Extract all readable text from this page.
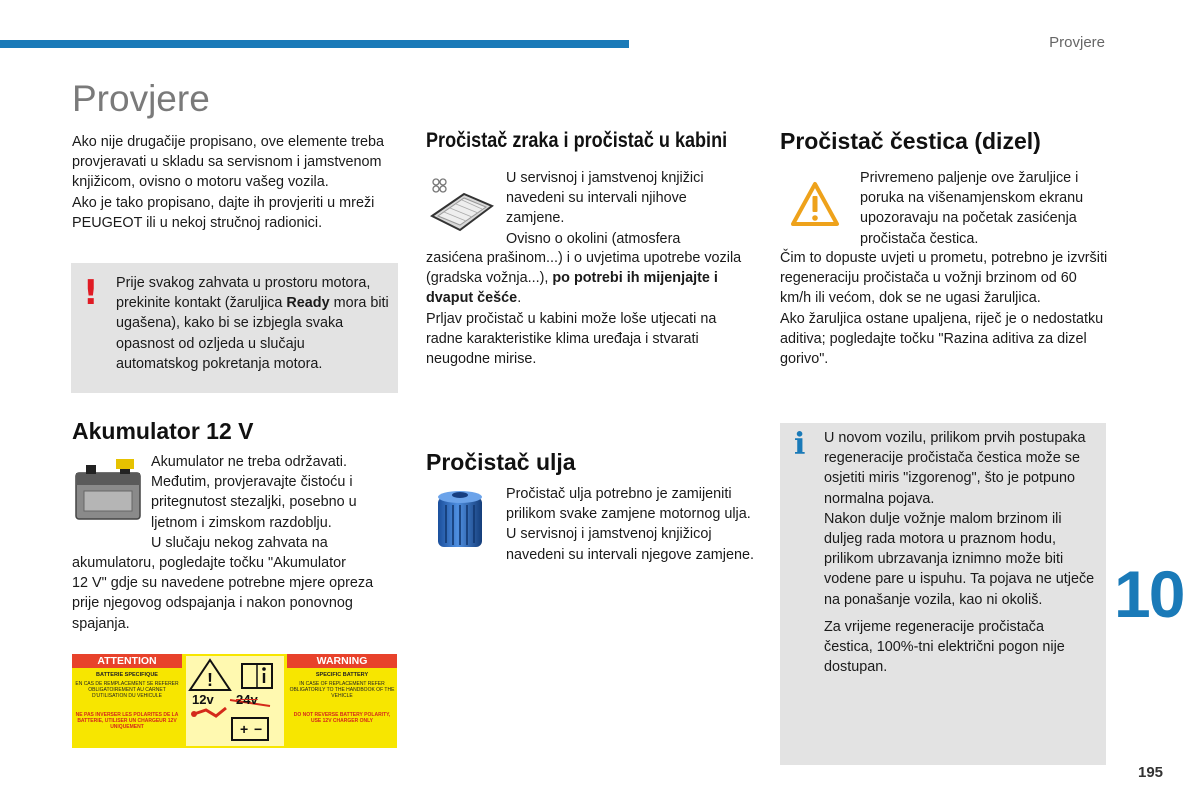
Provjere
Provjere

Ako nije drugačije propisano, ove elemente treba provjeravati u skladu sa servisnom i jamstvenom knjižicom, ovisno o motoru vašeg vozila.

Ako je tako propisano, dajte ih provjeriti u mreži PEUGEOT ili u nekoj stručnoj radionici.

! Prije svakog zahvata u prostoru motora, prekinite kontakt (žaruljica Ready mora biti ugašena), kako bi se izbjegla svaka opasnost od ozljeda u slučaju automatskog pokretanja motora.

Akumulator 12 V

Akumulator ne treba održavati.

Međutim, provjeravajte čistoću i

pritegnutost stezaljki, posebno u

ljetnom i zimskom razdoblju.

U slučaju nekog zahvata na

akumulatoru, pogledajte točku "Akumulator

12 V" gdje su navedene potrebne mjere opreza

prije njegovog odspajanja i nakon ponovnog

spajanja.

ATTENTION	WARNING
BATTERIE SPECIFIQUE	SPECIFIC BATTERY
EN CAS DE REMPLACEMENT SE REFERER OBLIGATOIREMENT AU CARNET D'UTILISATION DU VEHICULE
IN CASE OF REPLACEMENT REFER OBLIGATORILY TO THE HANDBOOK OF THE VEHICLE
NE PAS INVERSER LES POLARITES DE LA BATTERIE, UTILISER UN CHARGEUR 12V UNIQUEMENT
DO NOT REVERSE BATTERY POLARITY, USE 12V CHARGER ONLY
!
+ −
12v 24v
Pročistač zraka i pročistač u kabini

U servisnoj i jamstvenoj knjižici

navedeni su intervali njihove

zamjene.

Ovisno o okolini (atmosfera

zasićena prašinom...) i o uvjetima upotrebe vozila (gradska vožnja...), po potrebi ih mijenjajte i dvaput češće.

Prljav pročistač u kabini može loše utjecati na radne karakteristike klima uređaja i stvarati neugodne mirise.

Pročistač ulja

Pročistač ulja potrebno je zamijeniti prilikom svake zamjene motornog ulja.

U servisnoj i jamstvenoj knjižicoj navedeni su intervali njegove zamjene.

Pročistač čestica (dizel)

Privremeno paljenje ove žaruljice i

poruka na višenamjenskom ekranu

upozoravaju na početak zasićenja

pročistača čestica.

Čim to dopuste uvjeti u prometu, potrebno je izvršiti regeneraciju pročistača u vožnji brzinom od 60 km/h ili većom, dok se ne ugasi žaruljica.

Ako žaruljica ostane upaljena, riječ je o nedostatku aditiva; pogledajte točku "Razina aditiva za dizel gorivo".

i U novom vozilu, prilikom prvih postupaka regeneracije pročistača čestica može se osjetiti miris "izgorenog", što je potpuno normalna pojava.

Nakon dulje vožnje malom brzinom ili duljeg rada motora u praznom hodu, prilikom ubrzavanja iznimno može biti vodene pare u ispuhu. Ta pojava ne utječe na ponašanje vozila, kao ni okoliš.

Za vrijeme regeneracije pročistača čestica, 100%-tni električni pogon nije dostupan.

10
195
